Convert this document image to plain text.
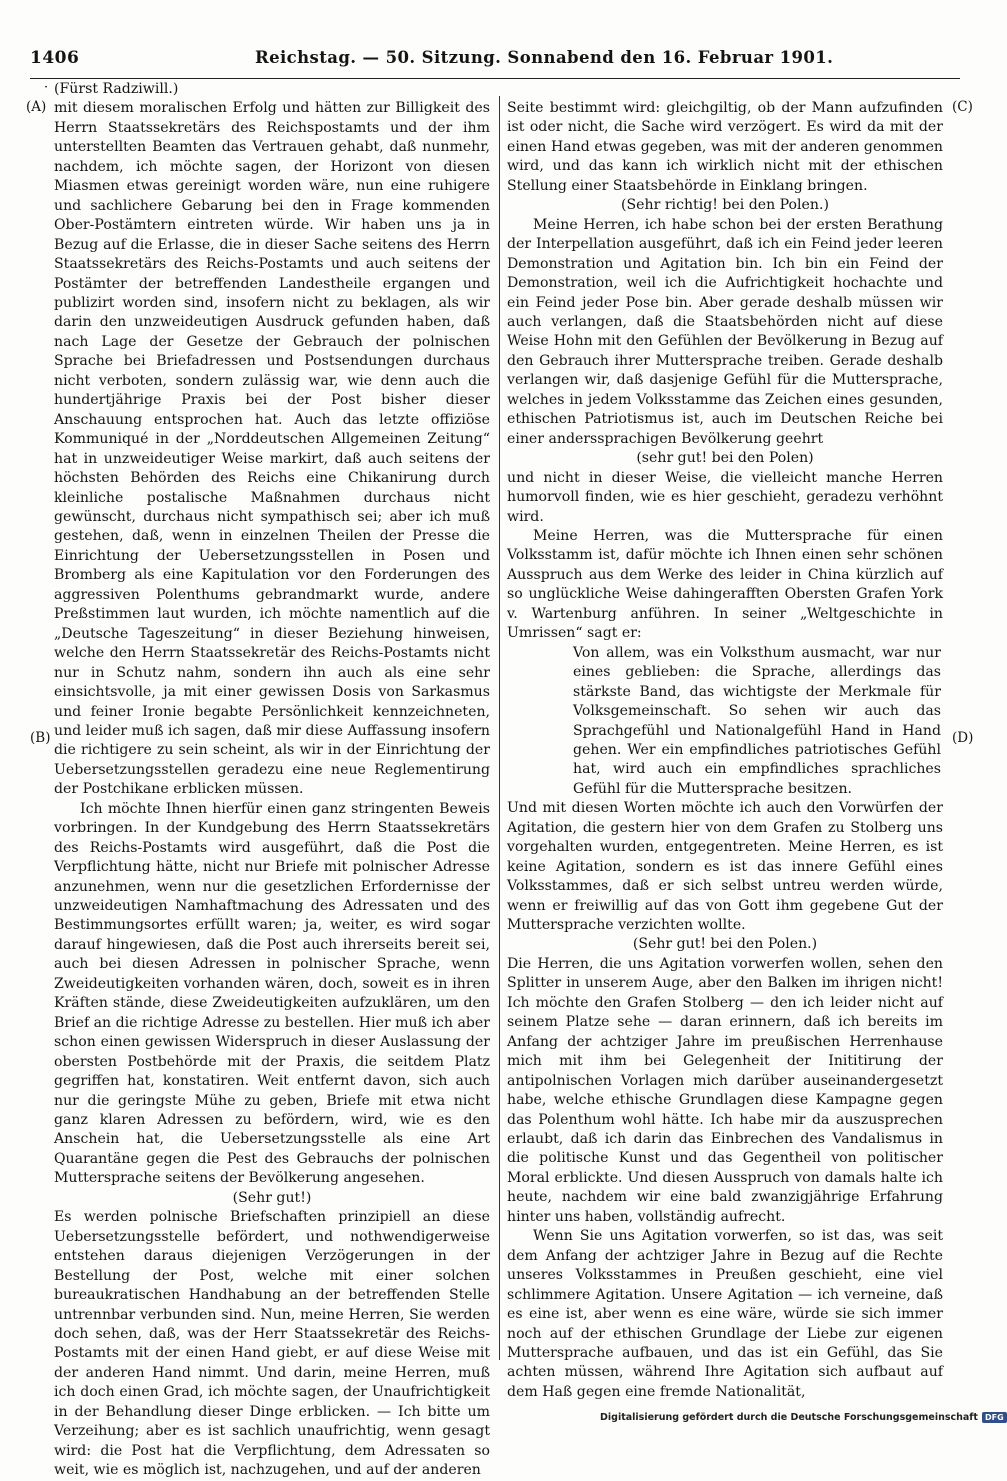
1406	Reichstag. — 50. Sitzung. Sonnabend den 16. Februar 1901.
·
(A)
(B)
(C)
(D)

(Fürst Radziwill.)

mit diesem moralischen Erfolg und hätten zur Billigkeit des Herrn Staatssekretärs des Reichspostamts und der ihm unterstellten Beamten das Vertrauen gehabt, daß nunmehr, nachdem, ich möchte sagen, der Horizont von diesen Miasmen etwas gereinigt worden wäre, nun eine ruhigere und sachlichere Gebarung bei den in Frage kommenden Ober-Postämtern eintreten würde. Wir haben uns ja in Bezug auf die Erlasse, die in dieser Sache seitens des Herrn Staatssekretärs des Reichs-Postamts und auch seitens der Postämter der betreffenden Landestheile ergangen und publizirt worden sind, insofern nicht zu beklagen, als wir darin den unzweideutigen Ausdruck gefunden haben, daß nach Lage der Gesetze der Gebrauch der polnischen Sprache bei Briefadressen und Postsendungen durchaus nicht verboten, sondern zulässig war, wie denn auch die hundertjährige Praxis bei der Post bisher dieser Anschauung entsprochen hat. Auch das letzte offiziöse Kommuniqué in der „Norddeutschen Allgemeinen Zeitung“ hat in unzweideutiger Weise markirt, daß auch seitens der höchsten Behörden des Reichs eine Chikanirung durch kleinliche postalische Maßnahmen durchaus nicht gewünscht, durchaus nicht sympathisch sei; aber ich muß gestehen, daß, wenn in einzelnen Theilen der Presse die Einrichtung der Uebersetzungsstellen in Posen und Bromberg als eine Kapitulation vor den Forderungen des aggressiven Polenthums gebrandmarkt wurde, andere Preßstimmen laut wurden, ich möchte namentlich auf die „Deutsche Tageszeitung“ in dieser Beziehung hinweisen, welche den Herrn Staatssekretär des Reichs-Postamts nicht nur in Schutz nahm, sondern ihn auch als eine sehr einsichtsvolle, ja mit einer gewissen Dosis von Sarkasmus und feiner Ironie begabte Persönlichkeit kennzeichneten, und leider muß ich sagen, daß mir diese Auffassung insofern die richtigere zu sein scheint, als wir in der Einrichtung der Uebersetzungsstellen geradezu eine neue Reglementirung der Postchikane erblicken müssen.

Ich möchte Ihnen hierfür einen ganz stringenten Beweis vorbringen. In der Kundgebung des Herrn Staatssekretärs des Reichs-Postamts wird ausgeführt, daß die Post die Verpflichtung hätte, nicht nur Briefe mit polnischer Adresse anzunehmen, wenn nur die gesetzlichen Erfordernisse der unzweideutigen Namhaftmachung des Adressaten und des Bestimmungsortes erfüllt waren; ja, weiter, es wird sogar darauf hingewiesen, daß die Post auch ihrerseits bereit sei, auch bei diesen Adressen in polnischer Sprache, wenn Zweideutigkeiten vorhanden wären, doch, soweit es in ihren Kräften stände, diese Zweideutigkeiten aufzuklären, um den Brief an die richtige Adresse zu bestellen. Hier muß ich aber schon einen gewissen Widerspruch in dieser Auslassung der obersten Postbehörde mit der Praxis, die seitdem Platz gegriffen hat, konstatiren. Weit entfernt davon, sich auch nur die geringste Mühe zu geben, Briefe mit etwa nicht ganz klaren Adressen zu befördern, wird, wie es den Anschein hat, die Uebersetzungsstelle als eine Art Quarantäne gegen die Pest des Gebrauchs der polnischen Muttersprache seitens der Bevölkerung angesehen.

(Sehr gut!)

Es werden polnische Briefschaften prinzipiell an diese Uebersetzungsstelle befördert, und nothwendigerweise entstehen daraus diejenigen Verzögerungen in der Bestellung der Post, welche mit einer solchen bureaukratischen Handhabung an der betreffenden Stelle untrennbar verbunden sind. Nun, meine Herren, Sie werden doch sehen, daß, was der Herr Staatssekretär des Reichs-Postamts mit der einen Hand giebt, er auf diese Weise mit der anderen Hand nimmt. Und darin, meine Herren, muß ich doch einen Grad, ich möchte sagen, der Unaufrichtigkeit in der Behandlung dieser Dinge erblicken. — Ich bitte um Verzeihung; aber es ist sachlich unaufrichtig, wenn gesagt wird: die Post hat die Verpflichtung, dem Adressaten so weit, wie es möglich ist, nachzugehen, und auf der anderen

Seite bestimmt wird: gleichgiltig, ob der Mann aufzufinden ist oder nicht, die Sache wird verzögert. Es wird da mit der einen Hand etwas gegeben, was mit der anderen genommen wird, und das kann ich wirklich nicht mit der ethischen Stellung einer Staatsbehörde in Einklang bringen.

(Sehr richtig! bei den Polen.)

Meine Herren, ich habe schon bei der ersten Berathung der Interpellation ausgeführt, daß ich ein Feind jeder leeren Demonstration und Agitation bin. Ich bin ein Feind der Demonstration, weil ich die Aufrichtigkeit hochachte und ein Feind jeder Pose bin. Aber gerade deshalb müssen wir auch verlangen, daß die Staatsbehörden nicht auf diese Weise Hohn mit den Gefühlen der Bevölkerung in Bezug auf den Gebrauch ihrer Muttersprache treiben. Gerade deshalb verlangen wir, daß dasjenige Gefühl für die Muttersprache, welches in jedem Volksstamme das Zeichen eines gesunden, ethischen Patriotismus ist, auch im Deutschen Reiche bei einer anderssprachigen Bevölkerung geehrt

(sehr gut! bei den Polen)

und nicht in dieser Weise, die vielleicht manche Herren humorvoll finden, wie es hier geschieht, geradezu verhöhnt wird.

Meine Herren, was die Muttersprache für einen Volksstamm ist, dafür möchte ich Ihnen einen sehr schönen Ausspruch aus dem Werke des leider in China kürzlich auf so unglückliche Weise dahingerafften Obersten Grafen York v. Wartenburg anführen. In seiner „Weltgeschichte in Umrissen“ sagt er:

Von allem, was ein Volksthum ausmacht, war nur eines geblieben: die Sprache, allerdings das stärkste Band, das wichtigste der Merkmale für Volksgemeinschaft. So sehen wir auch das Sprachgefühl und Nationalgefühl Hand in Hand gehen. Wer ein empfindliches patriotisches Gefühl hat, wird auch ein empfindliches sprachliches Gefühl für die Muttersprache besitzen.

Und mit diesen Worten möchte ich auch den Vorwürfen der Agitation, die gestern hier von dem Grafen zu Stolberg uns vorgehalten wurden, entgegentreten. Meine Herren, es ist keine Agitation, sondern es ist das innere Gefühl eines Volksstammes, daß er sich selbst untreu werden würde, wenn er freiwillig auf das von Gott ihm gegebene Gut der Muttersprache verzichten wollte.

(Sehr gut! bei den Polen.)

Die Herren, die uns Agitation vorwerfen wollen, sehen den Splitter in unserem Auge, aber den Balken im ihrigen nicht! Ich möchte den Grafen Stolberg — den ich leider nicht auf seinem Platze sehe — daran erinnern, daß ich bereits im Anfang der achtziger Jahre im preußischen Herrenhause mich mit ihm bei Gelegenheit der Inititirung der antipolnischen Vorlagen mich darüber auseinandergesetzt habe, welche ethische Grundlagen diese Kampagne gegen das Polenthum wohl hätte. Ich habe mir da auszusprechen erlaubt, daß ich darin das Einbrechen des Vandalismus in die politische Kunst und das Gegentheil von politischer Moral erblickte. Und diesen Ausspruch von damals halte ich heute, nachdem wir eine bald zwanzigjährige Erfahrung hinter uns haben, vollständig aufrecht.

Wenn Sie uns Agitation vorwerfen, so ist das, was seit dem Anfang der achtziger Jahre in Bezug auf die Rechte unseres Volksstammes in Preußen geschieht, eine viel schlimmere Agitation. Unsere Agitation — ich verneine, daß es eine ist, aber wenn es eine wäre, würde sie sich immer noch auf der ethischen Grundlage der Liebe zur eigenen Muttersprache aufbauen, und das ist ein Gefühl, das Sie achten müssen, während Ihre Agitation sich aufbaut auf dem Haß gegen eine fremde Nationalität,

Digitalisierung gefördert durch die Deutsche Forschungsgemeinschaft DFG
